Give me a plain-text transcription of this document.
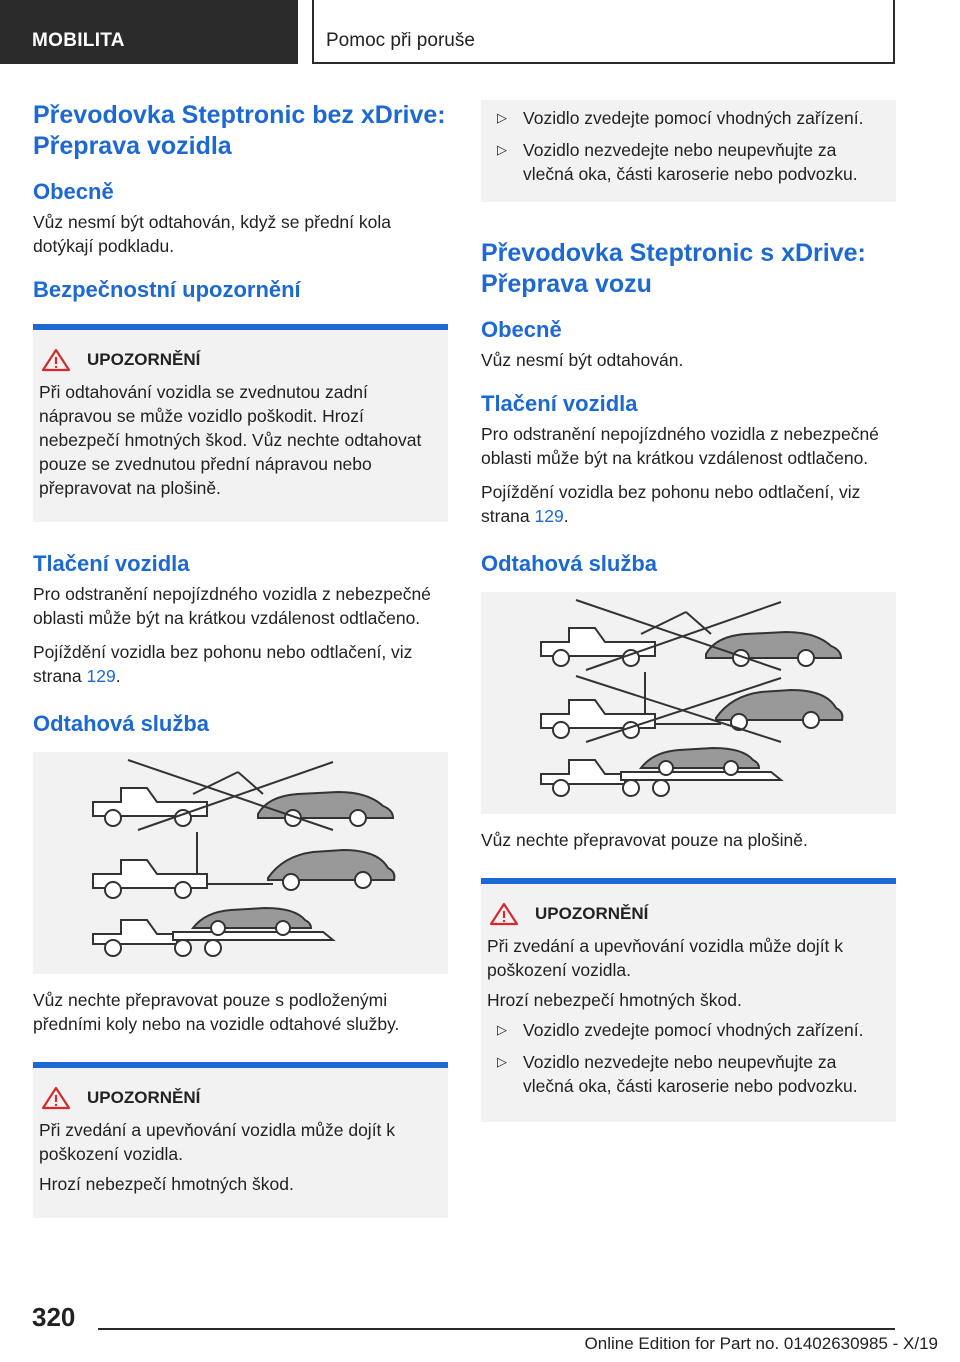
MOBILITA	Pomoc při poruše
Převodovka Steptronic bez xDrive: Přeprava vozidla
Obecně

Vůz nesmí být odtahován, když se přední kola dotýkají podkladu.

Bezpečnostní upozornění
UPOZORNĚNÍ

Při odtahování vozidla se zvednutou zadní nápravou se může vozidlo poškodit. Hrozí nebezpečí hmotných škod. Vůz nechte odtahovat pouze se zvednutou přední nápravou nebo přepravovat na plošině.

Tlačení vozidla

Pro odstranění nepojízdného vozidla z nebezpečné oblasti může být na krátkou vzdálenost odtlačeno.

Pojíždění vozidla bez pohonu nebo odtlačení, viz strana 129.

Odtahová služba

Vůz nechte přepravovat pouze s podloženými předními koly nebo na vozidle odtahové služby.

UPOZORNĚNÍ

Při zvedání a upevňování vozidla může dojít k poškození vozidla.

Hrozí nebezpečí hmotných škod.

▷ Vozidlo zvedejte pomocí vhodných zařízení.
▷ Vozidlo nezvedejte nebo neupevňujte za vlečná oka, části karoserie nebo podvozku.
Převodovka Steptronic s xDrive: Přeprava vozu
Obecně

Vůz nesmí být odtahován.

Tlačení vozidla

Pro odstranění nepojízdného vozidla z nebezpečné oblasti může být na krátkou vzdálenost odtlačeno.

Pojíždění vozidla bez pohonu nebo odtlačení, viz strana 129.

Odtahová služba

Vůz nechte přepravovat pouze na plošině.

UPOZORNĚNÍ

Při zvedání a upevňování vozidla může dojít k poškození vozidla.

Hrozí nebezpečí hmotných škod.

▷ Vozidlo zvedejte pomocí vhodných zařízení.
▷ Vozidlo nezvedejte nebo neupevňujte za vlečná oka, části karoserie nebo podvozku.
320
Online Edition for Part no. 01402630985 - X/19
